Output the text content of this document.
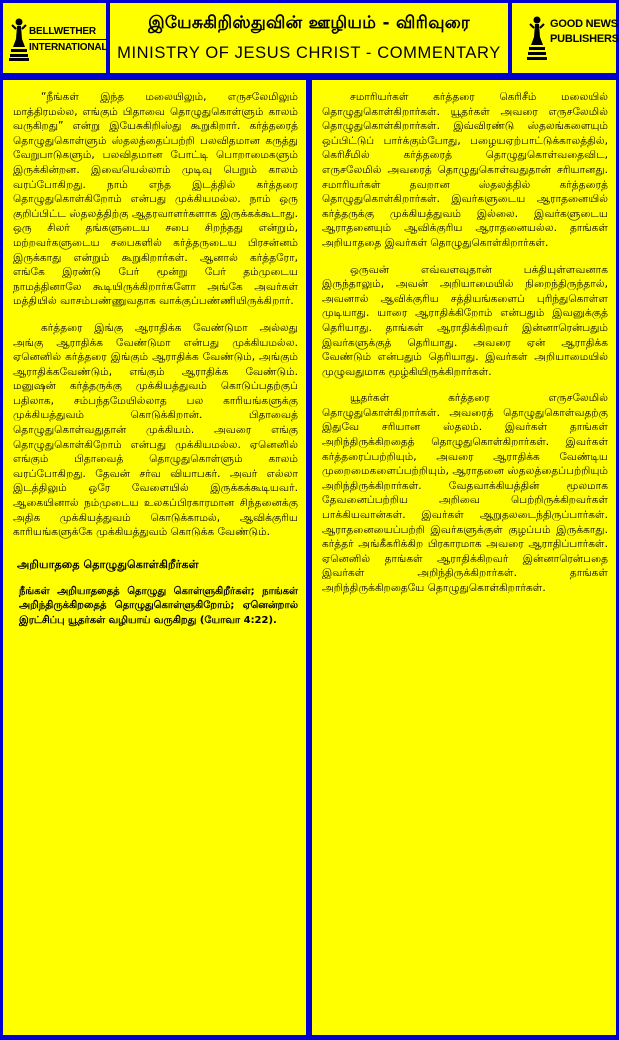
BELLWETHER
INTERNATIONAL
இயேசுகிறிஸ்துவின் ஊழியம் - விரிவுரை
MINISTRY OF JESUS CHRIST - COMMENTARY
GOOD NEWS
PUBLISHERS

“நீங்கள் இந்த மலையிலும், எருசலேமிலும் மாத்திரமல்ல, எங்கும் பிதாவை தொழுதுகொள்ளும் காலம் வருகிறது” என்று இயேசுகிறிஸ்து கூறுகிறார். கர்த்தரைத் தொழுதுகொள்ளும் ஸ்தலத்தைப்பற்றி பலவிதமான கருத்து வேறுபாடுகளும், பலவிதமான போட்டி பொறாமைகளும் இருக்கின்றன. இவையெல்லாம் முடிவு பெறும் காலம் வரப்போகிறது. நாம் எந்த இடத்தில் கர்த்தரை தொழுதுகொள்கிறோம் என்பது முக்கியமல்ல. நாம் ஒரு குறிப்பிட்ட ஸ்தலத்திற்கு ஆதரவாளர்களாக இருக்கக்கூடாது. ஒரு சிலர் தங்களுடைய சபை சிறந்தது என்றும், மற்றவர்களுடைய சபைகளில் கர்த்தருடைய பிரசன்னம் இருக்காது என்றும் கூறுகிறார்கள். ஆனால் கர்த்தரோ, எங்கே இரண்டு பேர் மூன்று பேர் தம்முடைய நாமத்தினாலே கூடியிருக்கிறார்களோ அங்கே அவர்கள் மத்தியில் வாசம்பண்ணுவதாக வாக்குப்பண்ணியிருக்கிறார்.

கர்த்தரை இங்கு ஆராதிக்க வேண்டுமா அல்லது அங்கு ஆராதிக்க வேண்டுமா என்பது முக்கியமல்ல. ஏனெனில் கர்த்தரை இங்கும் ஆராதிக்க வேண்டும், அங்கும் ஆராதிக்கவேண்டும், எங்கும் ஆராதிக்க வேண்டும். மனுஷன் கர்த்தருக்கு முக்கியத்துவம் கொடுப்பதற்குப் பதிலாக, சம்பந்தமேயில்லாத பல காரியங்களுக்கு முக்கியத்துவம் கொடுக்கிறான். பிதாவைத் தொழுதுகொள்வதுதான் முக்கியம். அவரை எங்கு தொழுதுகொள்கிறோம் என்பது முக்கியமல்ல. ஏனெனில் எங்கும் பிதாவைத் தொழுதுகொள்ளும் காலம் வரப்போகிறது. தேவன் சர்வ வியாபகர். அவர் எல்லா இடத்திலும் ஒரே வேளையில் இருக்கக்கூடியவர். ஆகையினால் நம்முடைய உலகப்பிரகாரமான சிந்தனைக்கு அதிக முக்கியத்துவம் கொடுக்காமல், ஆவிக்குரிய காரியங்களுக்கே முக்கியத்துவம் கொடுக்க வேண்டும்.

அறியாததை தொழுதுகொள்கிறீர்கள்

நீங்கள் அறியாததைத் தொழுது கொள்ளுகிறீர்கள்; நாங்கள் அறிந்திருக்கிறதைத் தொழுதுகொள்ளுகிறோம்; ஏனென்றால் இரட்சிப்பு யூதர்கள் வழியாய் வருகிறது (யோவா 4:22).

சமாரியர்கள் கர்த்தரை கெரிசீம் மலையில் தொழுதுகொள்கிறார்கள். யூதர்கள் அவரை எருசலேமில் தொழுதுகொள்கிறார்கள். இவ்விரண்டு ஸ்தலங்களையும் ஒப்பிட்டுப் பார்க்கும்போது, பழையஏற்பாட்டுக்காலத்தில், கெரிசீமில் கர்த்தரைத் தொழுதுகொள்வதைவிட, எருசலேமில் அவரைத் தொழுதுகொள்வதுதான் சரியானது. சமாரியர்கள் தவறான ஸ்தலத்தில் கர்த்தரைத் தொழுதுகொள்கிறார்கள். இவர்களுடைய ஆராதனையில் கர்த்தருக்கு முக்கியத்துவம் இல்லை. இவர்களுடைய ஆராதனையும் ஆவிக்குரிய ஆராதனையல்ல. தாங்கள் அறியாததை இவர்கள் தொழுதுகொள்கிறார்கள்.

ஒருவன் எவ்வளவுதான் பக்தியுள்ளவனாக இருந்தாலும், அவன் அறியாமையில் நிறைந்திருந்தால், அவனால் ஆவிக்குரிய சத்தியங்களைப் புரிந்துகொள்ள முடியாது. யாரை ஆராதிக்கிறோம் என்பதும் இவனுக்குத் தெரியாது. தாங்கள் ஆராதிக்கிறவர் இன்னாரென்பதும் இவர்களுக்குத் தெரியாது. அவரை ஏன் ஆராதிக்க வேண்டும் என்பதும் தெரியாது. இவர்கள் அறியாமையில் முழுவதுமாக மூழ்கியிருக்கிறார்கள்.

யூதர்கள் கர்த்தரை எருசலேமில் தொழுதுகொள்கிறார்கள். அவரைத் தொழுதுகொள்வதற்கு இதுவே சரியான ஸ்தலம். இவர்கள் தாங்கள் அறிந்திருக்கிறதைத் தொழுதுகொள்கிறார்கள். இவர்கள் கர்த்தரைப்பற்றியும், அவரை ஆராதிக்க வேண்டிய முறைமைகளைப்பற்றியும், ஆராதனை ஸ்தலத்தைப்பற்றியும் அறிந்திருக்கிறார்கள். வேதவாக்கியத்தின் மூலமாக தேவனைப்பற்றிய அறிவை பெற்றிருக்கிறவர்கள் பாக்கியவான்கள். இவர்கள் ஆறுதலடைந்திருப்பார்கள். ஆராதனையைப்பற்றி இவர்களுக்குள் குழப்பம் இருக்காது. கர்த்தர் அங்கீகரிக்கிற பிரகாரமாக அவரை ஆராதிப்பார்கள். ஏனெனில் தாங்கள் ஆராதிக்கிறவர் இன்னாரென்பதை இவர்கள் அறிந்திருக்கிறார்கள். தாங்கள் அறிந்திருக்கிறதையே தொழுதுகொள்கிறார்கள்.
